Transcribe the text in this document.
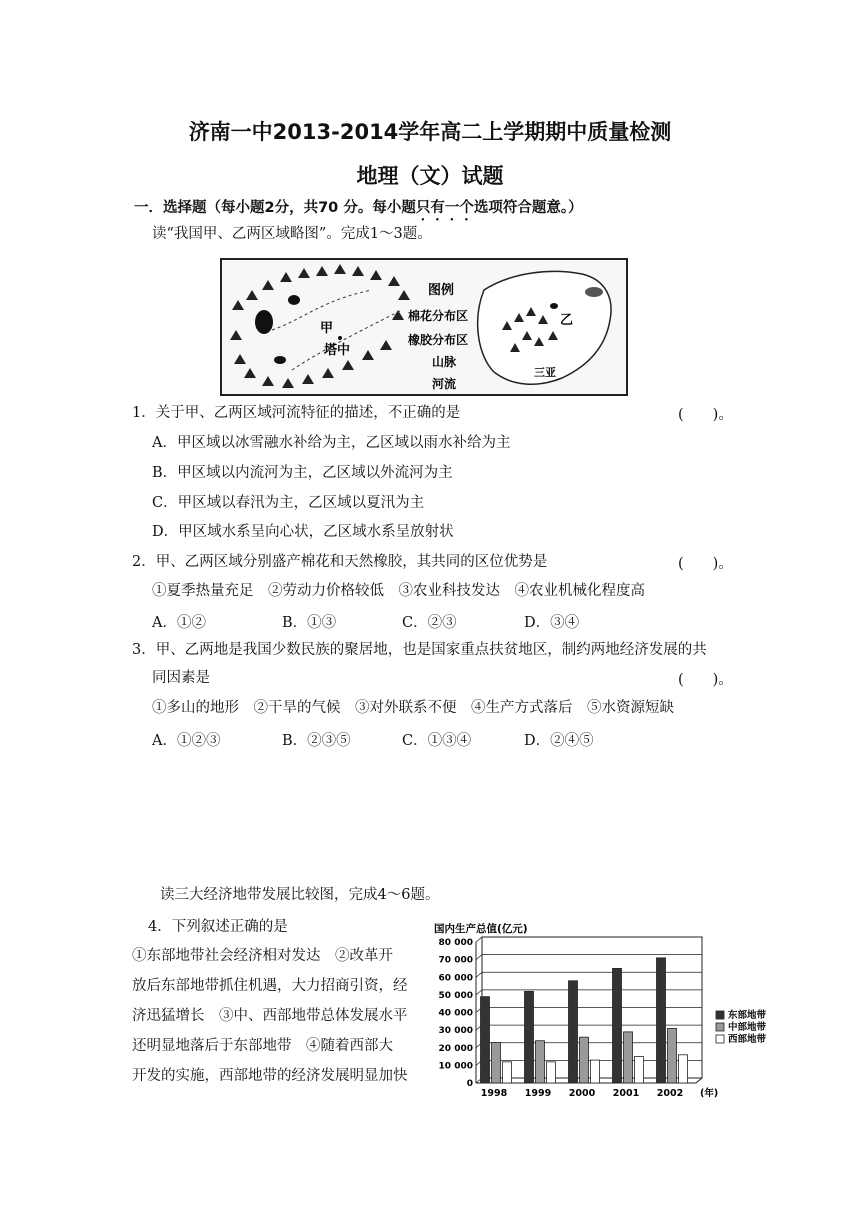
济南一中2013-2014学年高二上学期期中质量检测
地理（文）试题
一．选择题（每小题2分，共70 分。每小题只有一个选项符合题意。）
读“我国甲、乙两区域略图”。完成1～3题。
甲
塔中
图例
棉花分布区
橡胶分布区
山脉
河流
乙
三亚
1．关于甲、乙两区域河流特征的描述，不正确的是	(　　)。
A．甲区域以冰雪融水补给为主，乙区域以雨水补给为主
B．甲区域以内流河为主，乙区域以外流河为主
C．甲区域以春汛为主，乙区域以夏汛为主
D．甲区域水系呈向心状，乙区域水系呈放射状
2．甲、乙两区域分别盛产棉花和天然橡胶，其共同的区位优势是	(　　)。
①夏季热量充足　②劳动力价格较低　③农业科技发达　④农业机械化程度高
A．①②	B．①③	C．②③	D．③④
3．甲、乙两地是我国少数民族的聚居地，也是国家重点扶贫地区，制约两地经济发展的共
同因素是	(　　)。
①多山的地形　②干旱的气候　③对外联系不便　④生产方式落后　⑤水资源短缺
A．①②③	B．②③⑤	C．①③④	D．②④⑤
读三大经济地带发展比较图，完成4～6题。
4．下列叙述正确的是
①东部地带社会经济相对发达　②改革开
放后东部地带抓住机遇，大力招商引资，经
济迅猛增长　③中、西部地带总体发展水平
还明显地落后于东部地带　④随着西部大
开发的实施，西部地带的经济发展明显加快
国内生产总值(亿元)
0
10 000
20 000
30 000
40 000
50 000
60 000
70 000
80 000
1998 1999 2000 2001 2002 (年)
东部地带
中部地带
西部地带
